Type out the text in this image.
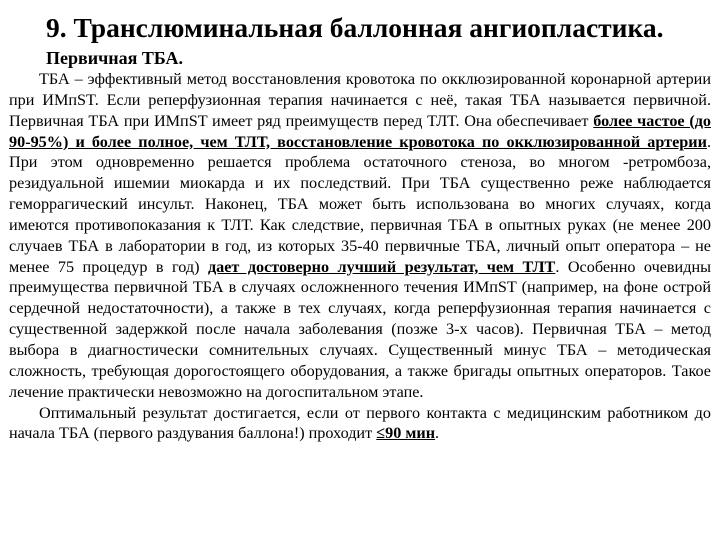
9. Транслюминальная баллонная ангиопластика.
Первичная ТБА.

ТБА – эффективный метод восстановления кровотока по окклюзированной коронарной артерии при ИМпST. Если реперфузионная терапия начинается с неё, такая ТБА называется первичной. Первичная ТБА при ИМпST имеет ряд преимуществ перед ТЛТ. Она обеспечивает более частое (до 90-95%) и более полное, чем ТЛТ, восстановление кровотока по окклюзированной артерии. При этом одновременно решается проблема остаточного стеноза, во многом -ретромбоза, резидуальной ишемии миокарда и их последствий. При ТБА существенно реже наблюдается геморрагический инсульт. Наконец, ТБА может быть использована во многих случаях, когда имеются противопоказания к ТЛТ. Как следствие, первичная ТБА в опытных руках (не менее 200 случаев ТБА в лаборатории в год, из которых 35-40 первичные ТБА, личный опыт оператора – не менее 75 процедур в год) дает достоверно лучший результат, чем ТЛТ. Особенно очевидны преимущества первичной ТБА в случаях осложненного течения ИМпST (например, на фоне острой сердечной недостаточности), а также в тех случаях, когда реперфузионная терапия начинается с существенной задержкой после начала заболевания (позже 3-х часов). Первичная ТБА – метод выбора в диагностически сомнительных случаях. Существенный минус ТБА – методическая сложность, требующая дорогостоящего оборудования, а также бригады опытных операторов. Такое лечение практически невозможно на догоспитальном этапе.

Оптимальный результат достигается, если от первого контакта с медицинским работником до начала ТБА (первого раздувания баллона!) проходит ≤90 мин.
